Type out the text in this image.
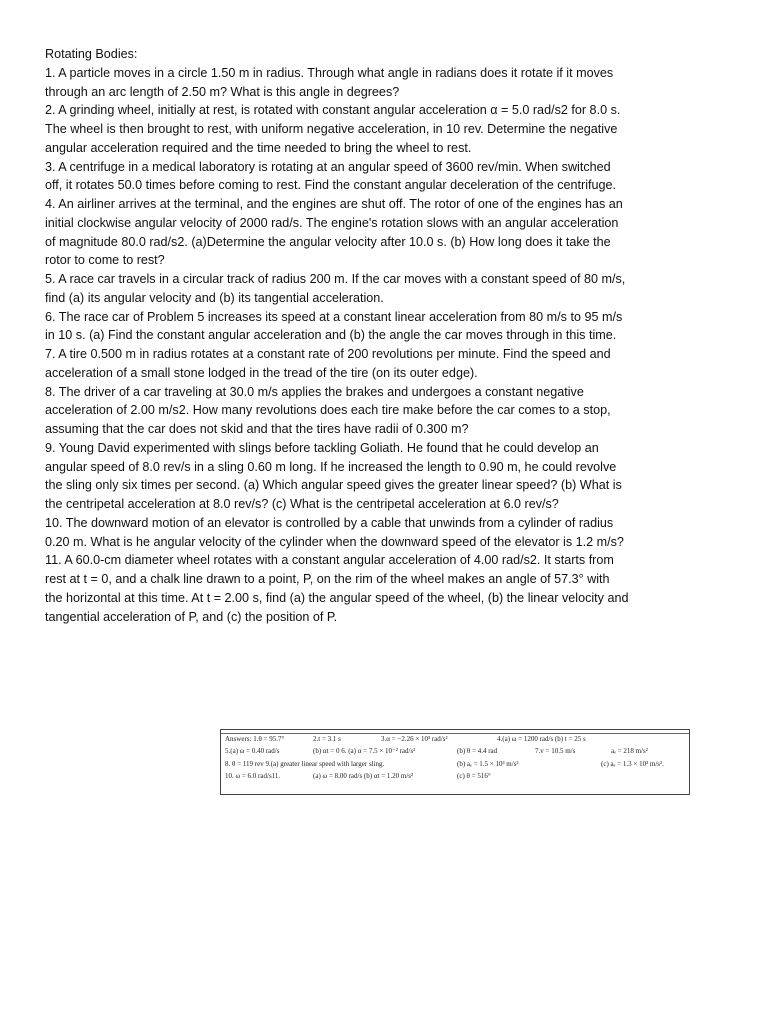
Rotating Bodies:

1. A particle moves in a circle 1.50 m in radius. Through what angle in radians does it rotate if it moves through an arc length of 2.50 m? What is this angle in degrees?

2. A grinding wheel, initially at rest, is rotated with constant angular acceleration α = 5.0 rad/s2 for 8.0 s. The wheel is then brought to rest, with uniform negative acceleration, in 10 rev. Determine the negative angular acceleration required and the time needed to bring the wheel to rest.

3. A centrifuge in a medical laboratory is rotating at an angular speed of 3600 rev/min. When switched off, it rotates 50.0 times before coming to rest. Find the constant angular deceleration of the centrifuge.

4. An airliner arrives at the terminal, and the engines are shut off. The rotor of one of the engines has an initial clockwise angular velocity of 2000 rad/s. The engine's rotation slows with an angular acceleration of magnitude 80.0 rad/s2. (a)Determine the angular velocity after 10.0 s. (b) How long does it take the rotor to come to rest?

5. A race car travels in a circular track of radius 200 m. If the car moves with a constant speed of 80 m/s, find (a) its angular velocity and (b) its tangential acceleration.

6. The race car of Problem 5 increases its speed at a constant linear acceleration from 80 m/s to 95 m/s in 10 s. (a) Find the constant angular acceleration and (b) the angle the car moves through in this time.

7. A tire 0.500 m in radius rotates at a constant rate of 200 revolutions per minute. Find the speed and acceleration of a small stone lodged in the tread of the tire (on its outer edge).

8. The driver of a car traveling at 30.0 m/s applies the brakes and undergoes a constant negative acceleration of 2.00 m/s2. How many revolutions does each tire make before the car comes to a stop, assuming that the car does not skid and that the tires have radii of 0.300 m?

9. Young David experimented with slings before tackling Goliath. He found that he could develop an angular speed of 8.0 rev/s in a sling 0.60 m long. If he increased the length to 0.90 m, he could revolve the sling only six times per second. (a) Which angular speed gives the greater linear speed? (b) What is the centripetal acceleration at 8.0 rev/s? (c) What is the centripetal acceleration at 6.0 rev/s?

10. The downward motion of an elevator is controlled by a cable that unwinds from a cylinder of radius 0.20 m. What is he angular velocity of the cylinder when the downward speed of the elevator is 1.2 m/s?

11. A 60.0-cm diameter wheel rotates with a constant angular acceleration of 4.00 rad/s2. It starts from rest at t = 0, and a chalk line drawn to a point, P, on the rim of the wheel makes an angle of 57.3° with the horizontal at this time. At t = 2.00 s, find (a) the angular speed of the wheel, (b) the linear velocity and tangential acceleration of P, and (c) the position of P.

Answers: 1.θ = 95.7°	2.t = 3.1 s	3.α = −2.26 × 10³ rad/s²	4.(a) ω = 1200 rad/s (b) t = 25 s
5.(a) ω = 0.40 rad/s	(b) αt = 0 6. (a) α = 7.5 × 10⁻² rad/s²	(b) θ = 4.4 rad	7.v = 10.5 m/s	aₑ = 218 m/s²
8. θ = 119 rev 9.(a) greater linear speed with larger sling.	(b) aₑ = 1.5 × 10³ m/s²	(c) aₑ = 1.3 × 10³ m/s².
10. ω = 6.0 rad/s11.	(a) ω = 8.00 rad/s (b) αt = 1.20 m/s²	(c) θ = 516°
